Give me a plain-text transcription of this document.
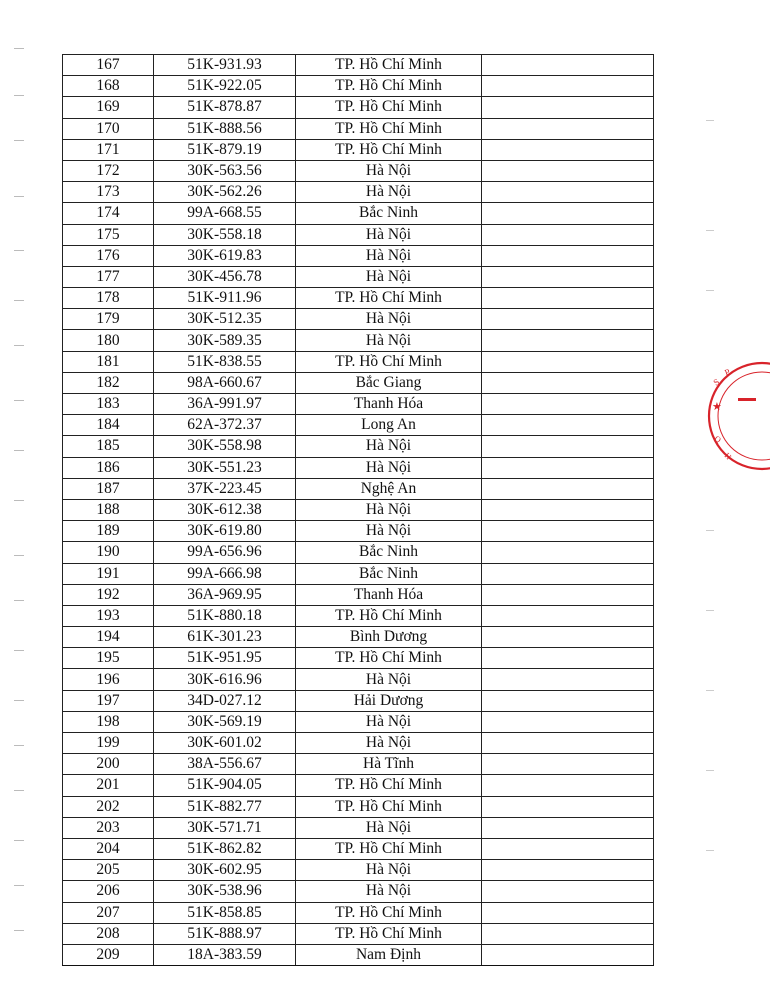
167	51K-931.93	TP. Hồ Chí Minh	
168	51K-922.05	TP. Hồ Chí Minh	
169	51K-878.87	TP. Hồ Chí Minh	
170	51K-888.56	TP. Hồ Chí Minh	
171	51K-879.19	TP. Hồ Chí Minh	
172	30K-563.56	Hà Nội	
173	30K-562.26	Hà Nội	
174	99A-668.55	Bắc Ninh	
175	30K-558.18	Hà Nội	
176	30K-619.83	Hà Nội	
177	30K-456.78	Hà Nội	
178	51K-911.96	TP. Hồ Chí Minh	
179	30K-512.35	Hà Nội	
180	30K-589.35	Hà Nội	
181	51K-838.55	TP. Hồ Chí Minh	
182	98A-660.67	Bắc Giang	
183	36A-991.97	Thanh Hóa	
184	62A-372.37	Long An	
185	30K-558.98	Hà Nội	
186	30K-551.23	Hà Nội	
187	37K-223.45	Nghệ An	
188	30K-612.38	Hà Nội	
189	30K-619.80	Hà Nội	
190	99A-656.96	Bắc Ninh	
191	99A-666.98	Bắc Ninh	
192	36A-969.95	Thanh Hóa	
193	51K-880.18	TP. Hồ Chí Minh	
194	61K-301.23	Bình Dương	
195	51K-951.95	TP. Hồ Chí Minh	
196	30K-616.96	Hà Nội	
197	34D-027.12	Hải Dương	
198	30K-569.19	Hà Nội	
199	30K-601.02	Hà Nội	
200	38A-556.67	Hà Tĩnh	
201	51K-904.05	TP. Hồ Chí Minh	
202	51K-882.77	TP. Hồ Chí Minh	
203	30K-571.71	Hà Nội	
204	51K-862.82	TP. Hồ Chí Minh	
205	30K-602.95	Hà Nội	
206	30K-538.96	Hà Nội	
207	51K-858.85	TP. Hồ Chí Minh	
208	51K-888.97	TP. Hồ Chí Minh	
209	18A-383.59	Nam Định	
S
P
★
Q
.
H
